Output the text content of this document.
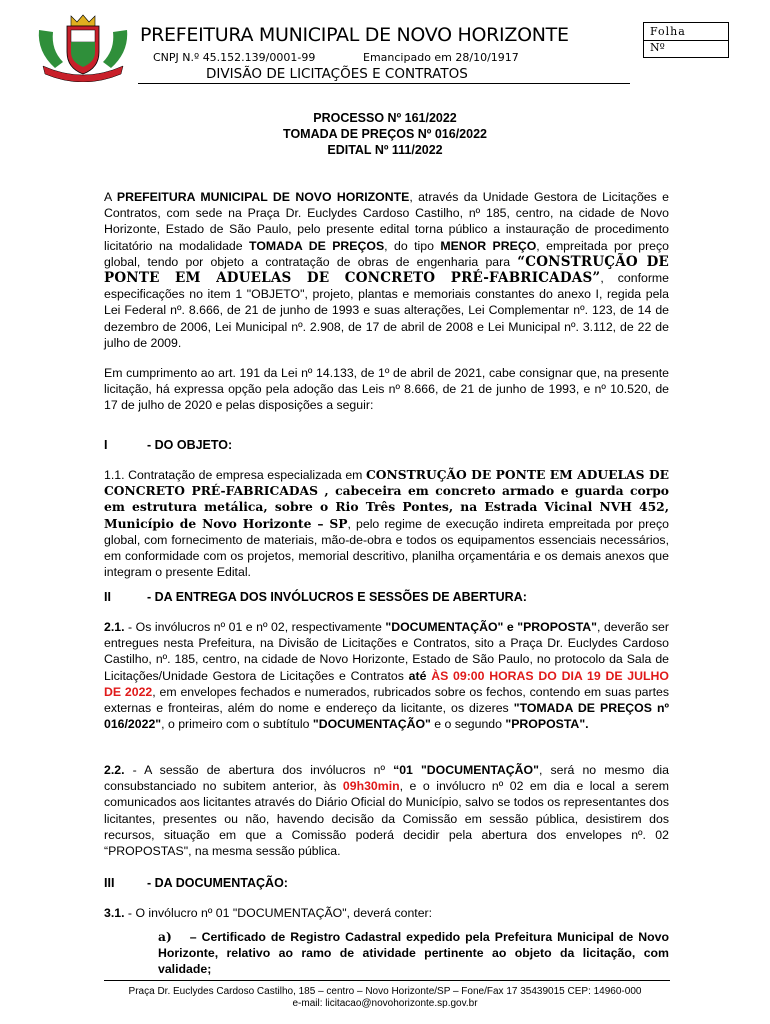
PREFEITURA MUNICIPAL DE NOVO HORIZONTE
CNPJ N.º 45.152.139/0001-99	Emancipado em 28/10/1917
DIVISÃO DE LICITAÇÕES E CONTRATOS
Folha
Nº
PROCESSO Nº 161/2022
TOMADA DE PREÇOS Nº 016/2022
EDITAL Nº 111/2022
A PREFEITURA MUNICIPAL DE NOVO HORIZONTE, através da Unidade Gestora de Licitações e Contratos, com sede na Praça Dr. Euclydes Cardoso Castilho, nº 185, centro, na cidade de Novo Horizonte, Estado de São Paulo, pelo presente edital torna público a instauração de procedimento licitatório na modalidade TOMADA DE PREÇOS, do tipo MENOR PREÇO, empreitada por preço global, tendo por objeto a contratação de obras de engenharia para “CONSTRUÇÃO DE PONTE EM ADUELAS DE CONCRETO PRÉ-FABRICADAS”, conforme especificações no item 1 "OBJETO", projeto, plantas e memoriais constantes do anexo I, regida pela Lei Federal nº. 8.666, de 21 de junho de 1993 e suas alterações, Lei Complementar nº. 123, de 14 de dezembro de 2006, Lei Municipal nº. 2.908, de 17 de abril de 2008 e Lei Municipal nº. 3.112, de 22 de julho de 2009.
Em cumprimento ao art. 191 da Lei nº 14.133, de 1º de abril de 2021, cabe consignar que, na presente licitação, há expressa opção pela adoção das Leis nº 8.666, de 21 de junho de 1993, e nº 10.520, de 17 de julho de 2020 e pelas disposições a seguir:
I	- DO OBJETO:
1.1. Contratação de empresa especializada em CONSTRUÇÃO DE PONTE EM ADUELAS DE CONCRETO PRÉ-FABRICADAS , cabeceira em concreto armado e guarda corpo em estrutura metálica, sobre o Rio Três Pontes, na Estrada Vicinal NVH 452, Município de Novo Horizonte – SP, pelo regime de execução indireta empreitada por preço global, com fornecimento de materiais, mão-de-obra e todos os equipamentos essenciais necessários, em conformidade com os projetos, memorial descritivo, planilha orçamentária e os demais anexos que integram o presente Edital.
II	- DA ENTREGA DOS INVÓLUCROS E SESSÕES DE ABERTURA:
2.1. - Os invólucros nº 01 e nº 02, respectivamente "DOCUMENTAÇÃO" e "PROPOSTA", deverão ser entregues nesta Prefeitura, na Divisão de Licitações e Contratos, sito a Praça Dr. Euclydes Cardoso Castilho, nº. 185, centro, na cidade de Novo Horizonte, Estado de São Paulo, no protocolo da Sala de Licitações/Unidade Gestora de Licitações e Contratos até ÀS 09:00 HORAS DO DIA 19 DE JULHO DE 2022, em envelopes fechados e numerados, rubricados sobre os fechos, contendo em suas partes externas e fronteiras, além do nome e endereço da licitante, os dizeres "TOMADA DE PREÇOS nº 016/2022", o primeiro com o subtítulo "DOCUMENTAÇÃO" e o segundo "PROPOSTA".
2.2. - A sessão de abertura dos invólucros nº “01 "DOCUMENTAÇÃO", será no mesmo dia consubstanciado no subitem anterior, às 09h30min, e o invólucro nº 02 em dia e local a serem comunicados aos licitantes através do Diário Oficial do Município, salvo se todos os representantes dos licitantes, presentes ou não, havendo decisão da Comissão em sessão pública, desistirem dos recursos, situação em que a Comissão poderá decidir pela abertura dos envelopes nº. 02 “PROPOSTAS", na mesma sessão pública.
III	- DA DOCUMENTAÇÃO:
3.1. - O invólucro nº 01 "DOCUMENTAÇÃO", deverá conter:
a) – Certificado de Registro Cadastral expedido pela Prefeitura Municipal de Novo Horizonte, relativo ao ramo de atividade pertinente ao objeto da licitação, com validade;
Praça Dr. Euclydes Cardoso Castilho, 185 – centro – Novo Horizonte/SP – Fone/Fax 17 35439015 CEP: 14960-000
e-mail: licitacao@novohorizonte.sp.gov.br
